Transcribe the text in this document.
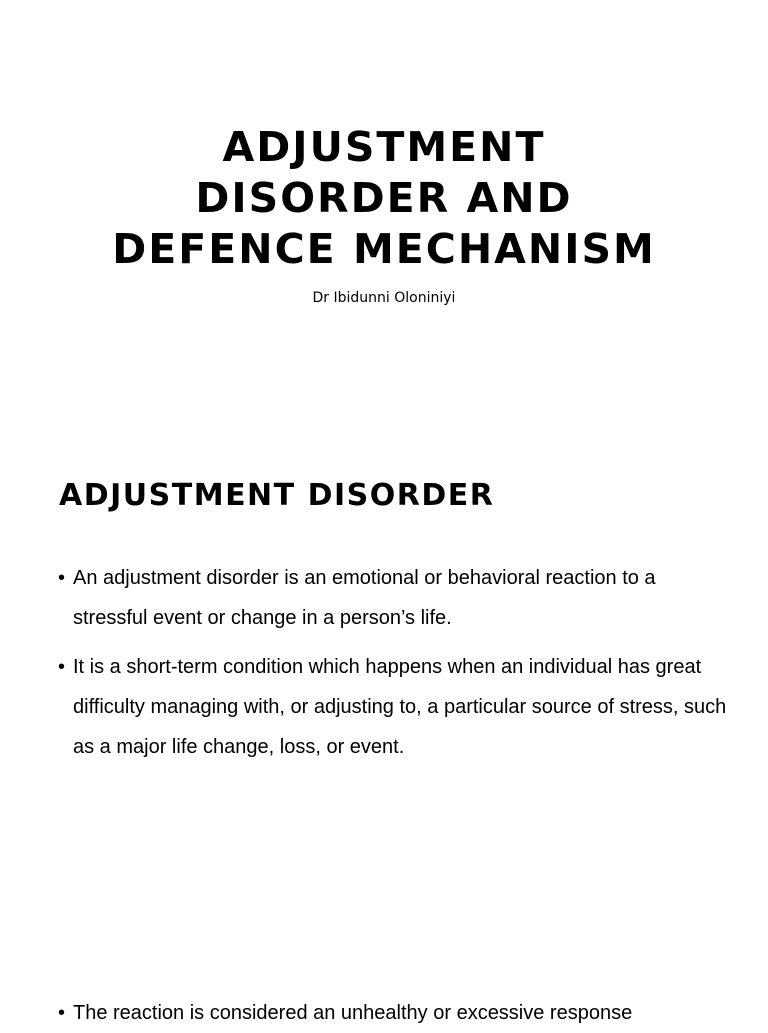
ADJUSTMENT
DISORDER AND
DEFENCE MECHANISM
Dr Ibidunni Oloniniyi
ADJUSTMENT DISORDER

• An adjustment disorder is an emotional or behavioral reaction to a stressful event or change in a person’s life.

• It is a short-term condition which happens when an individual has great difficulty managing with, or adjusting to, a particular source of stress, such as a major life change, loss, or event.

• The reaction is considered an unhealthy or excessive response
